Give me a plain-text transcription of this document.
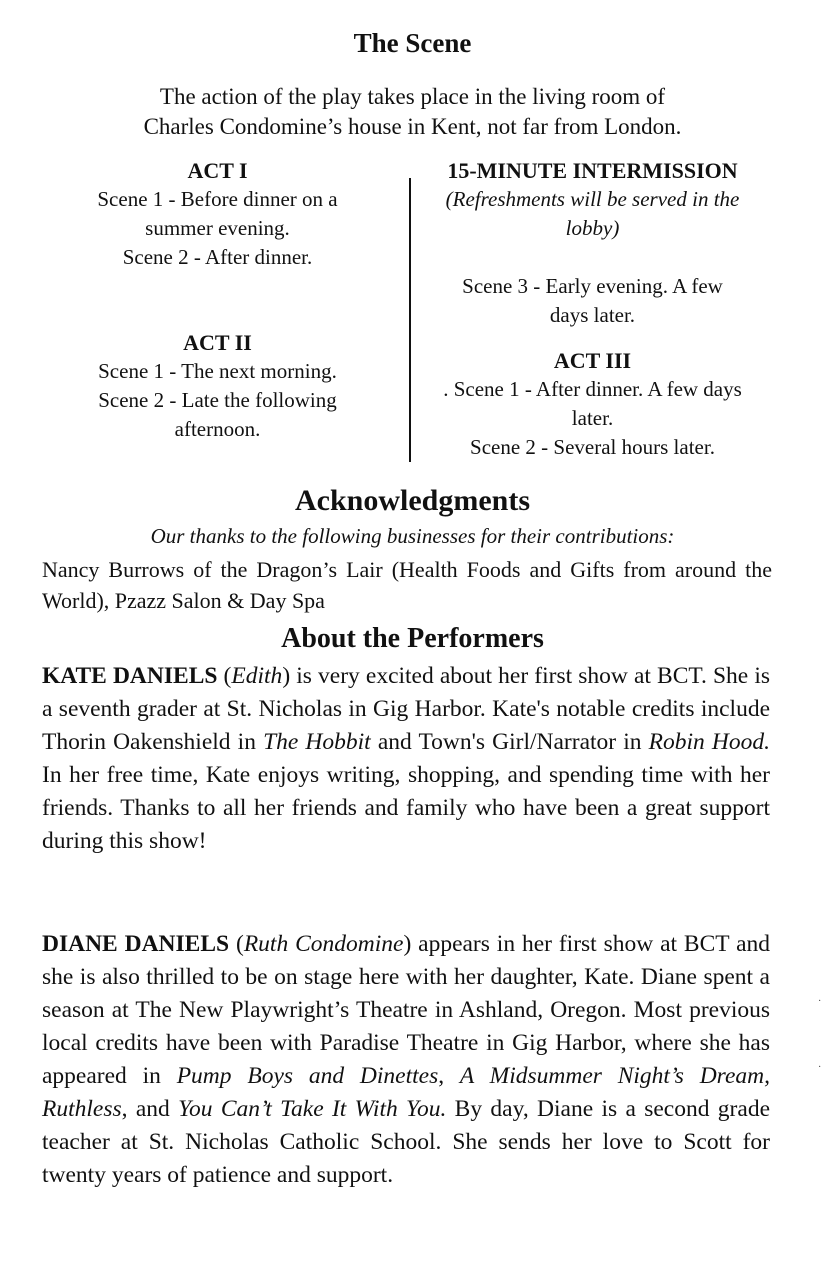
The Scene
The action of the play takes place in the living room of
Charles Condomine’s house in Kent, not far from London.
ACT I
Scene 1 - Before dinner on a
summer evening.
Scene 2 - After dinner.
ACT II
Scene 1 - The next morning.
Scene 2 - Late the following
afternoon.
15-MINUTE INTERMISSION
(Refreshments will be served in the
lobby)
Scene 3 - Early evening. A few
days later.
ACT III
. Scene 1 - After dinner. A few days
later.
Scene 2 - Several hours later.
Acknowledgments
Our thanks to the following businesses for their contributions:
Nancy Burrows of the Dragon’s Lair (Health Foods and Gifts from around the World), Pzazz Salon & Day Spa
About the Performers

KATE DANIELS (Edith) is very excited about her first show at BCT. She is a seventh grader at St. Nicholas in Gig Harbor. Kate's notable credits include Thorin Oakenshield in The Hobbit and Town's Girl/Narrator in Robin Hood. In her free time, Kate enjoys writing, shopping, and spending time with her friends. Thanks to all her friends and family who have been a great support during this show!

DIANE DANIELS (Ruth Condomine) appears in her first show at BCT and she is also thrilled to be on stage here with her daughter, Kate. Diane spent a season at The New Playwright’s Theatre in Ashland, Oregon. Most previous local credits have been with Paradise Theatre in Gig Harbor, where she has appeared in Pump Boys and Dinettes, A Midsummer Night’s Dream, Ruthless, and You Can’t Take It With You. By day, Diane is a second grade teacher at St. Nicholas Catholic School. She sends her love to Scott for twenty years of patience and support.

·
·
